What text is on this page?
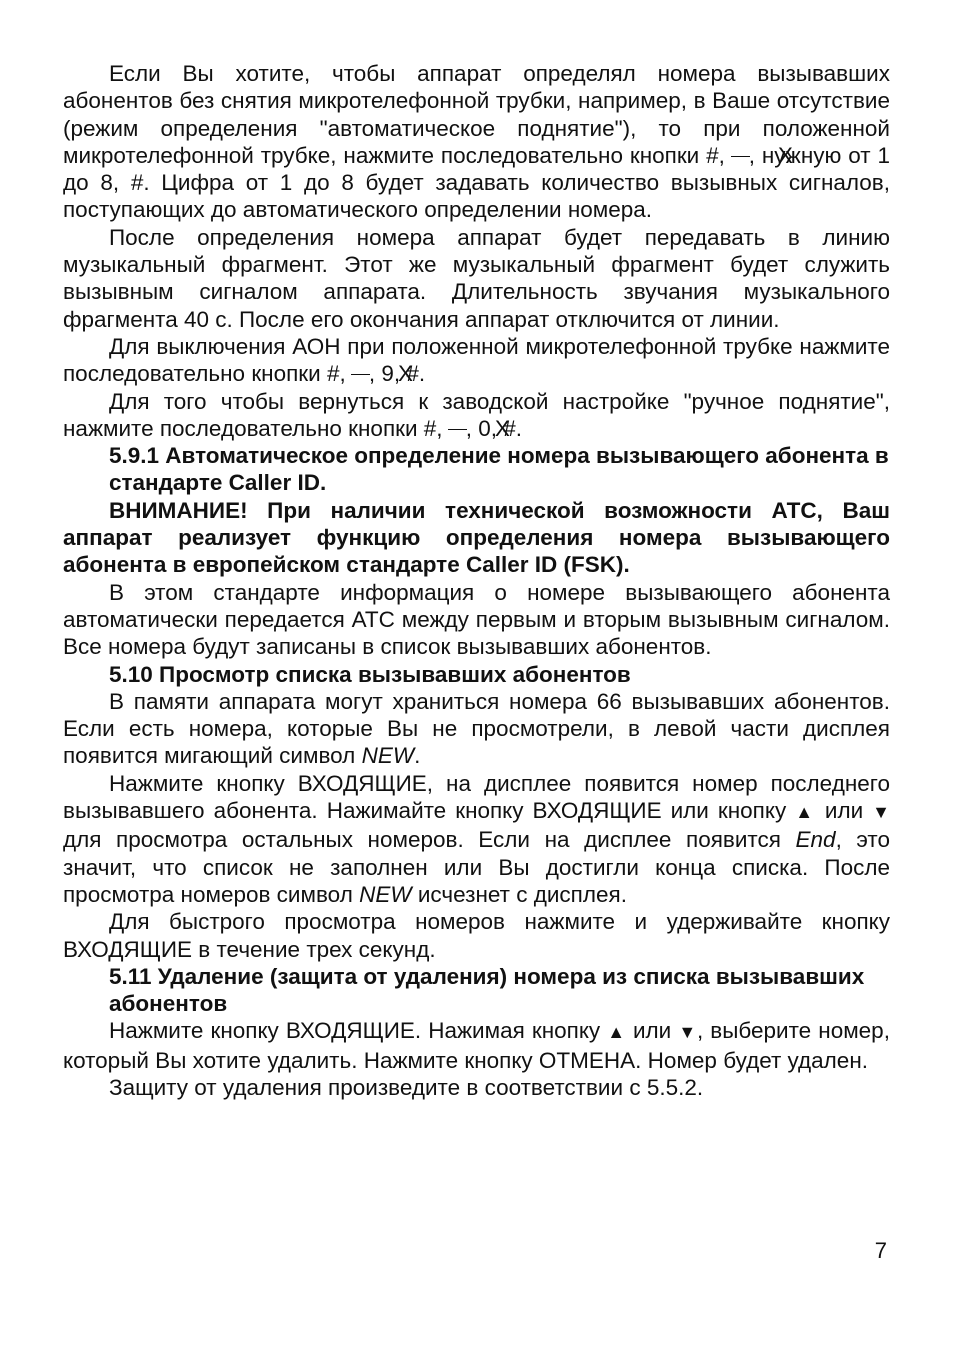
Если Вы хотите, чтобы аппарат определял номера вызывавших абонентов без снятия микротелефонной трубки, например, в Ваше отсутствие (режим определения "автоматическое поднятие"), то при положенной микротелефонной трубке, нажмите последовательно кнопки #, X , нужную от 1 до 8, #. Цифра от 1 до 8 будет задавать количество вызывных сигналов, поступающих до автоматического определении номера.

После определения номера аппарат будет передавать в линию музыкальный фрагмент. Этот же музыкальный фрагмент будет служить вызывным сигналом аппарата. Длительность звучания музыкального фрагмента 40 с. После его окончания аппарат отключится от линии.

Для выключения АОН при положенной микротелефонной трубке нажмите последовательно кнопки #, X , 9, #.

Для того чтобы вернуться к заводской настройке "ручное поднятие", нажмите последовательно кнопки #, X , 0, #.

5.9.1 Автоматическое определение номера вызывающего абонента в стандарте Caller ID.

ВНИМАНИЕ! При наличии технической возможности АТС, Ваш аппарат реализует функцию определения номера вызывающего абонента в европейском стандарте Caller ID (FSK).

В этом стандарте информация о номере вызывающего абонента автоматически передается АТС между первым и вторым вызывным сигналом. Все номера будут записаны в список вызывавших абонентов.

5.10 Просмотр списка вызывавших абонентов

В памяти аппарата могут храниться номера 66 вызывавших абонентов. Если есть номера, которые Вы не просмотрели, в левой части дисплея появится мигающий символ NEW.

Нажмите кнопку ВХОДЯЩИЕ, на дисплее появится номер последнего вызывавшего абонента. Нажимайте кнопку ВХОДЯЩИЕ или кнопку ▲ или ▼ для просмотра остальных номеров. Если на дисплее появится End, это значит, что список не заполнен или Вы достигли конца списка. После просмотра номеров символ NEW исчезнет с дисплея.

Для быстрого просмотра номеров нажмите и удерживайте кнопку ВХОДЯЩИЕ в течение трех секунд.

5.11 Удаление (защита от удаления) номера из списка вызывавших абонентов

Нажмите кнопку ВХОДЯЩИЕ. Нажимая кнопку ▲ или ▼, выберите номер, который Вы хотите удалить. Нажмите кнопку ОТМЕНА. Номер будет удален.

Защиту от удаления произведите в соответствии с 5.5.2.

7
